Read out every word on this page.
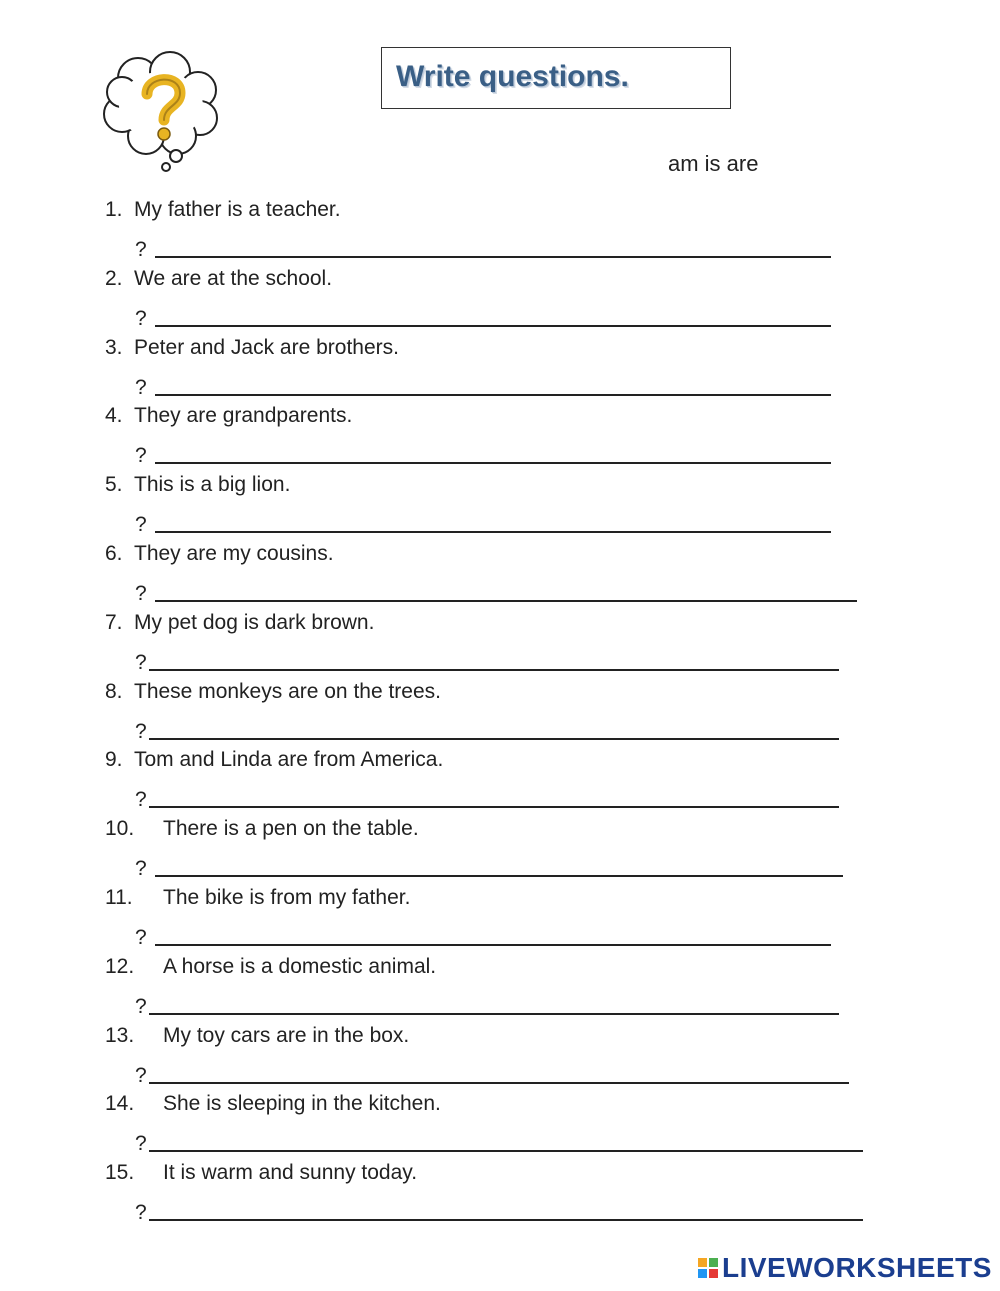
Write questions.
am is are
1. My father is a teacher.
?
2. We are at the school.
?
3. Peter and Jack are brothers.
?
4. They are grandparents.
?
5. This is a big lion.
?
6. They are my cousins.
?
7. My pet dog is dark brown.
?
8. These monkeys are on the trees.
?
9. Tom and Linda are from America.
?
10. There is a pen on the table.
?
11. The bike is from my father.
?
12. A horse is a domestic animal.
?
13. My toy cars are in the box.
?
14. She is sleeping in the kitchen.
?
15. It is warm and sunny today.
?
LIVEWORKSHEETS
